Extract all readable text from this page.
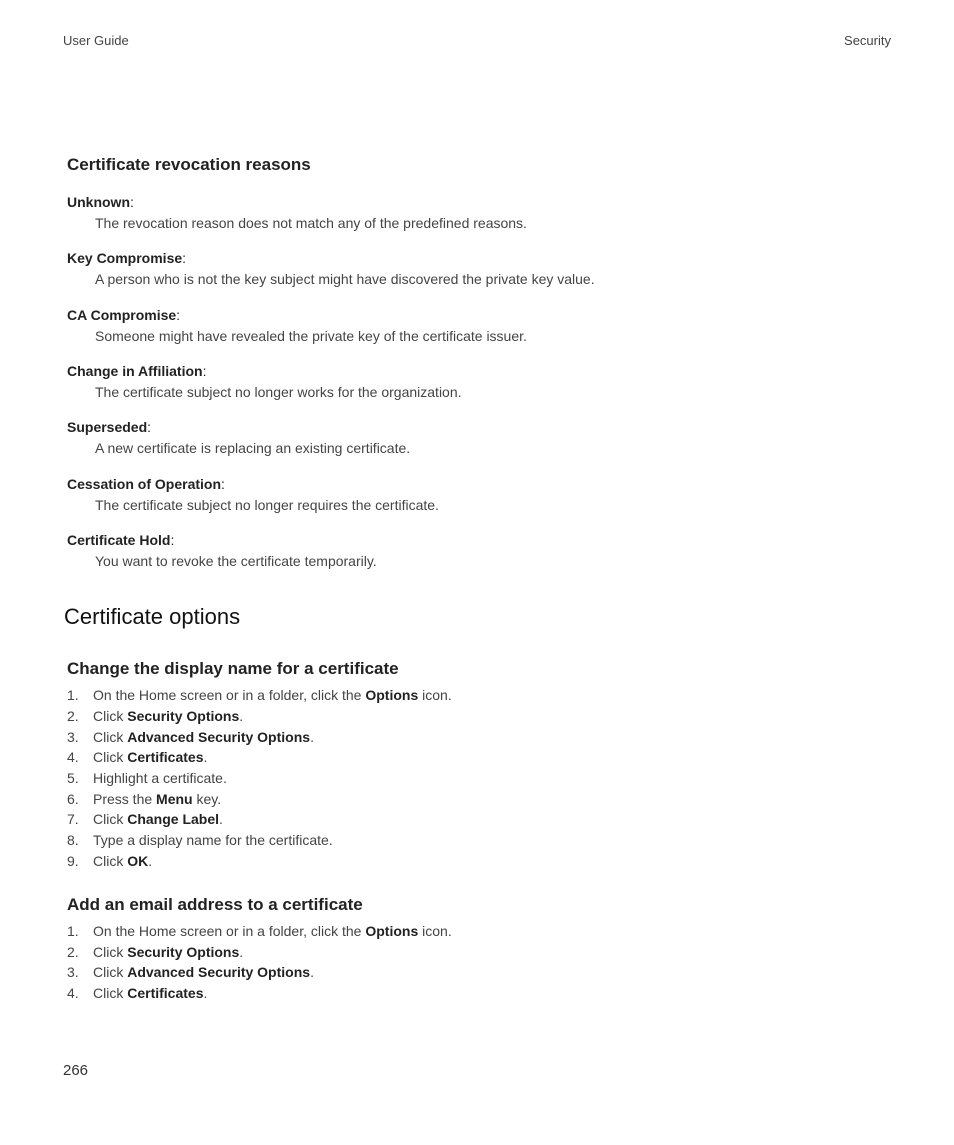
User Guide	Security
Certificate revocation reasons
Unknown:
The revocation reason does not match any of the predefined reasons.
Key Compromise:
A person who is not the key subject might have discovered the private key value.
CA Compromise:
Someone might have revealed the private key of the certificate issuer.
Change in Affiliation:
The certificate subject no longer works for the organization.
Superseded:
A new certificate is replacing an existing certificate.
Cessation of Operation:
The certificate subject no longer requires the certificate.
Certificate Hold:
You want to revoke the certificate temporarily.
Certificate options
Change the display name for a certificate
1. On the Home screen or in a folder, click the Options icon.
2. Click Security Options.
3. Click Advanced Security Options.
4. Click Certificates.
5. Highlight a certificate.
6. Press the Menu key.
7. Click Change Label.
8. Type a display name for the certificate.
9. Click OK.
Add an email address to a certificate
1. On the Home screen or in a folder, click the Options icon.
2. Click Security Options.
3. Click Advanced Security Options.
4. Click Certificates.
266
